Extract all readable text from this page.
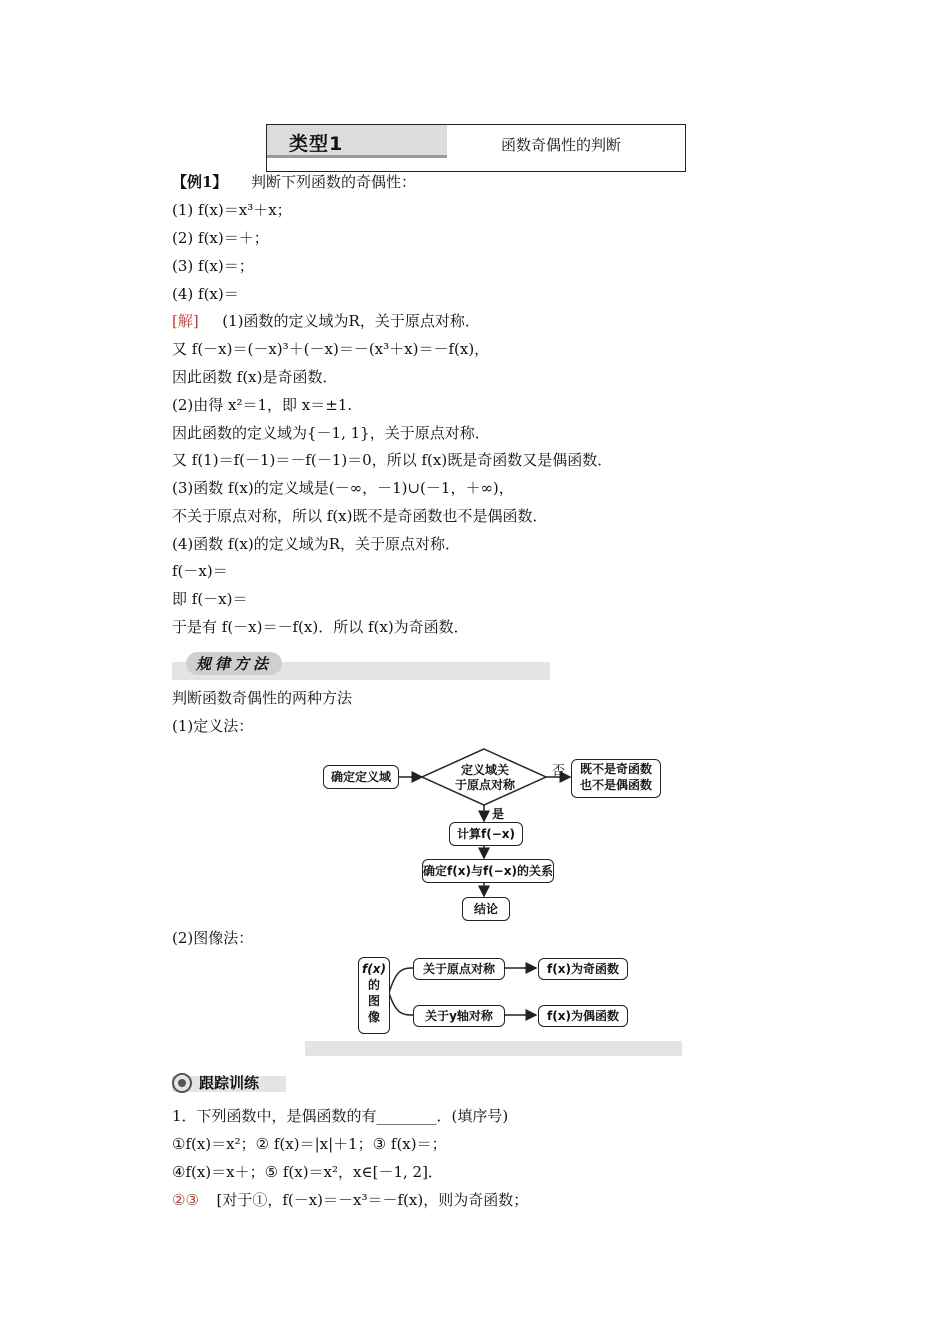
类型1	函数奇偶性的判断
【例1】 判断下列函数的奇偶性：
(1) f(x)＝x³＋x；
(2) f(x)＝＋；
(3) f(x)＝；
(4) f(x)＝
[解] (1)函数的定义域为R，关于原点对称．
又 f(－x)＝(－x)³＋(－x)＝－(x³＋x)＝－f(x)，
因此函数 f(x)是奇函数．
(2)由得 x²＝1，即 x＝±1.
因此函数的定义域为{－1, 1}，关于原点对称．
又 f(1)＝f(－1)＝－f(－1)＝0，所以 f(x)既是奇函数又是偶函数．
(3)函数 f(x)的定义域是(－∞，－1)∪(－1，＋∞)，
不关于原点对称，所以 f(x)既不是奇函数也不是偶函数．
(4)函数 f(x)的定义域为R，关于原点对称．
f(－x)＝
即 f(－x)＝
于是有 f(－x)＝－f(x)．所以 f(x)为奇函数．
规律方法
判断函数奇偶性的两种方法
(1)定义法：
确定定义域	定义域关
于原点对称
否	既不是奇函数
也不是偶函数
是
计算f(−x)
确定f(x)与f(−x)的关系
结论
(2)图像法：
f(x)
的
图
像
关于原点对称	f(x)为奇函数
关于y轴对称	f(x)为偶函数
跟踪训练
1．下列函数中，是偶函数的有________．(填序号)
①f(x)＝x²；② f(x)＝|x|＋1；③ f(x)＝；
④f(x)＝x＋；⑤ f(x)＝x²，x∈[－1, 2]．
②③ [对于①，f(－x)＝－x³＝－f(x)，则为奇函数；
